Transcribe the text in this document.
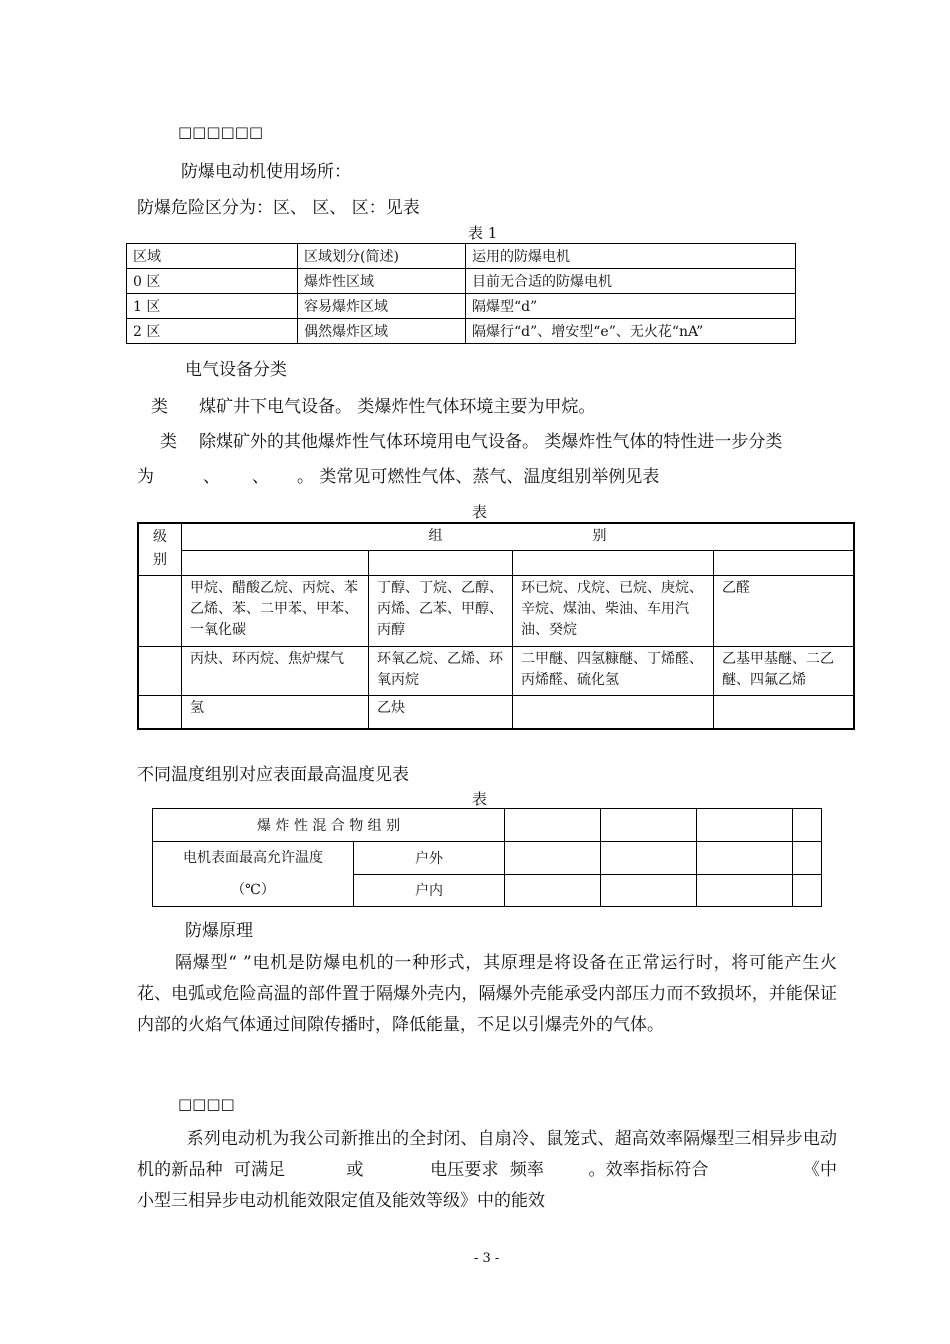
□□□□□□
防爆电动机使用场所：
防爆危险区分为：区、 区、 区：见表
表 1
区域	区域划分(简述)	运用的防爆电机
0 区	爆炸性区域	目前无合适的防爆电机
1 区	容易爆炸区域	隔爆型“d”
2 区	偶然爆炸区域	隔爆行“d”、增安型“e”、无火花“nA”
电气设备分类
类 煤矿井下电气设备。 类爆炸性气体环境主要为甲烷。
类 除煤矿外的其他爆炸性气体环境用电气设备。 类爆炸性气体的特性进一步分类
为	、 、 。 类常见可燃性气体、蒸气、温度组别举例见表
表
级别	组 别			

	甲烷、醋酸乙烷、丙烷、苯乙烯、苯、二甲苯、甲苯、一氧化碳	丁醇、丁烷、乙醇、丙烯、乙苯、甲醇、丙醇	环已烷、戊烷、已烷、庚烷、辛烷、煤油、柴油、车用汽油、癸烷	乙醛
	丙炔、环丙烷、焦炉煤气	环氧乙烷、乙烯、环氧丙烷	二甲醚、四氢糠醚、丁烯醛、丙烯醛、硫化氢	乙基甲基醚、二乙醚、四氟乙烯
	氢	乙炔		
不同温度组别对应表面最高温度见表
表
爆 炸 性 混 合 物 组 别					

电机表面最高允许温度
（℃）	户外				
	户内				
防爆原理
隔爆型“ ”电机是防爆电机的一种形式，其原理是将设备在正常运行时，将可能产生火花、电弧或危险高温的部件置于隔爆外壳内，隔爆外壳能承受内部压力而不致损坏，并能保证内部的火焰气体通过间隙传播时，降低能量，不足以引爆壳外的气体。
□□□□
系列电动机为我公司新推出的全封闭、自扇冷、鼠笼式、超高效率隔爆型三相异步电动机的新品种  可满足           或            电压要求  频率        。效率指标符合                 《中小型三相异步电动机能效限定值及能效等级》中的能效
- 3 -
